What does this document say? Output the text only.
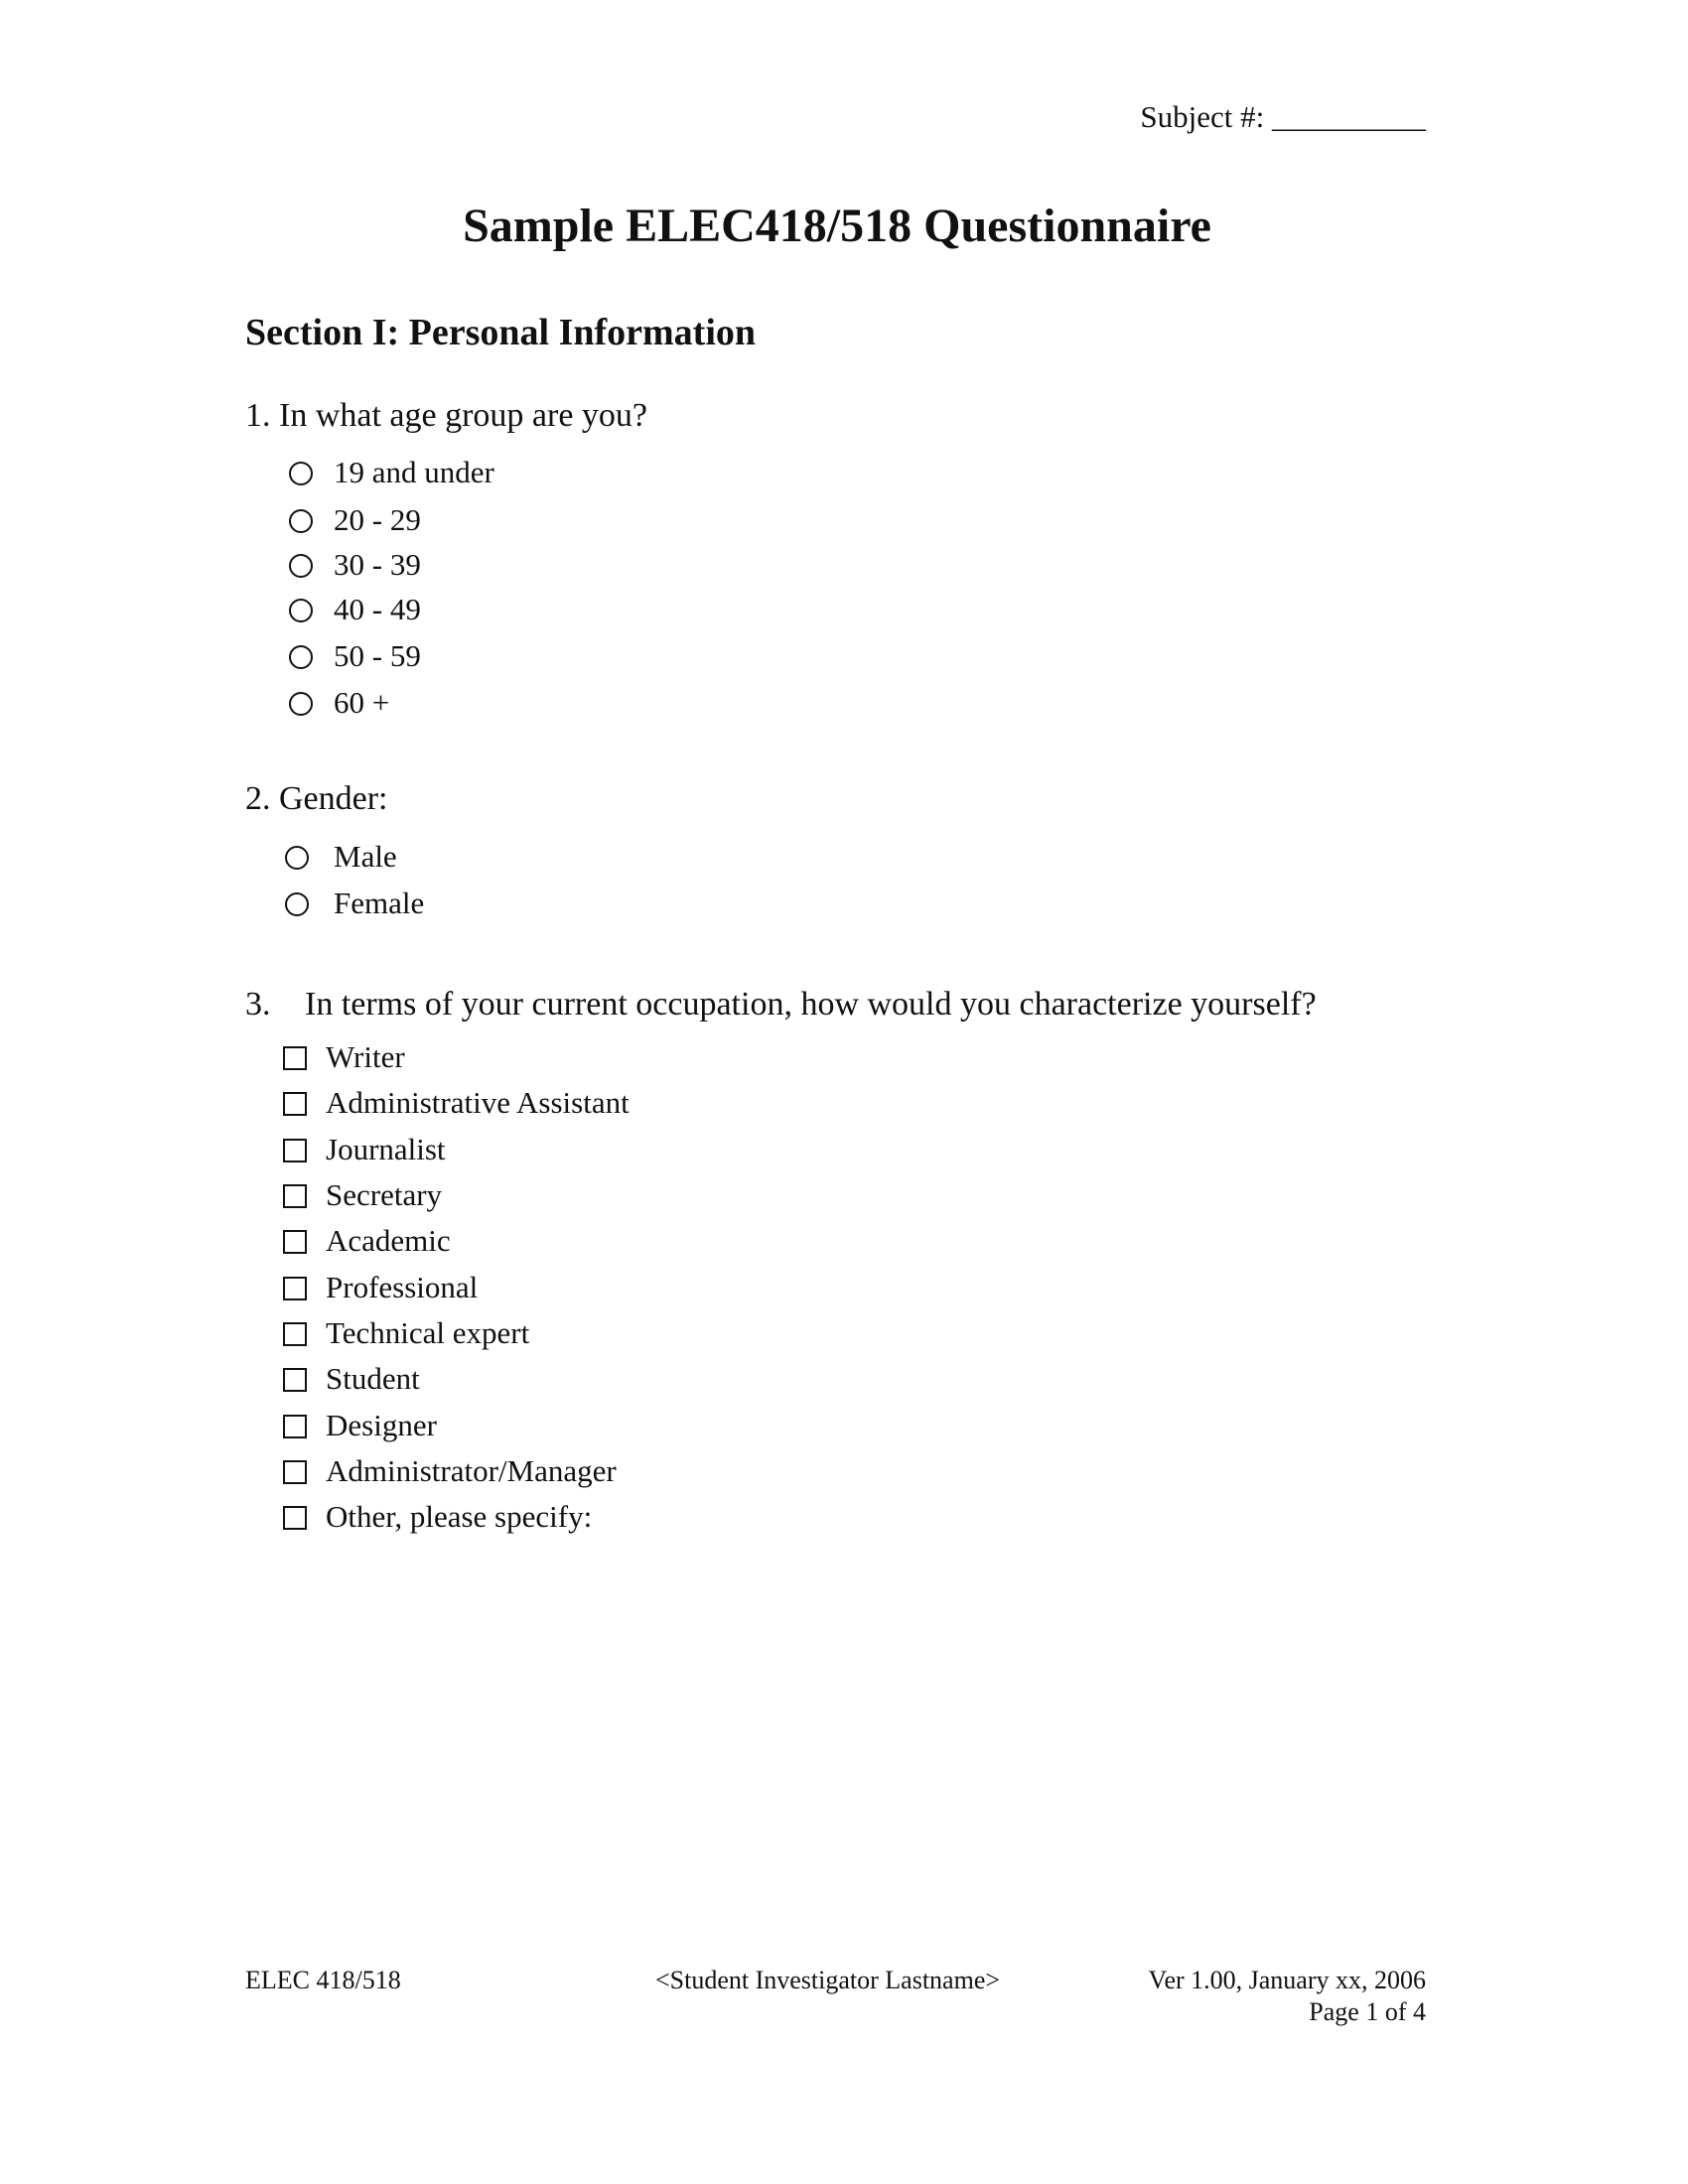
Subject #: __________
Sample ELEC418/518 Questionnaire
Section I: Personal Information
1. In what age group are you?
19 and under
20 - 29
30 - 39
40 - 49
50 - 59
60 +
2. Gender:
Male
Female
3. In terms of your current occupation, how would you characterize yourself?
Writer
Administrative Assistant
Journalist
Secretary
Academic
Professional
Technical expert
Student
Designer
Administrator/Manager
Other, please specify:
ELEC 418/518	<Student Investigator Lastname>	Ver 1.00, January xx, 2006
Page 1 of 4
